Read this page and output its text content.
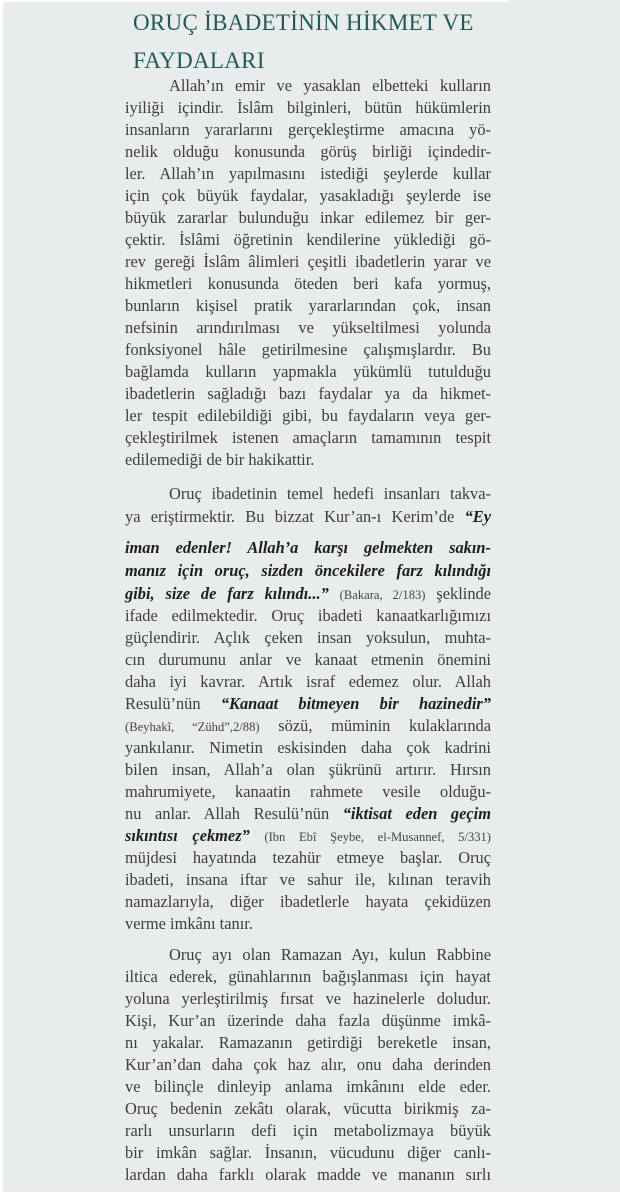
ORUÇ İBADETİNİN HİKMET VE
FAYDALARI
Allah’ın emir ve yasaklan elbetteki kulların
iyiliği içindir. İslâm bilginleri, bütün hükümlerin
insanların yararlarını gerçekleştirme amacına yö-
nelik olduğu konusunda görüş birliği içindedir-
ler. Allah’ın yapılmasını istediği şeylerde kullar
için çok büyük faydalar, yasakladığı şeylerde ise
büyük zararlar bulunduğu inkar edilemez bir ger-
çektir. İslâmi öğretinin kendilerine yüklediği gö-
rev gereği İslâm âlimleri çeşitli ibadetlerin yarar ve
hikmetleri konusunda öteden beri kafa yormuş,
bunların kişisel pratik yararlarından çok, insan
nefsinin arındırılması ve yükseltilmesi yolunda
fonksiyonel hâle getirilmesine çalışmışlardır. Bu
bağlamda kulların yapmakla yükümlü tutulduğu
ibadetlerin sağladığı bazı faydalar ya da hikmet-
ler tespit edilebildiği gibi, bu faydaların veya ger-
çekleştirilmek istenen amaçların tamamının tespit
edilemediği de bir hakikattir.
Oruç ibadetinin temel hedefi insanları takva-
ya eriştirmektir. Bu bizzat Kur’an-ı Kerim’de “Ey
iman edenler! Allah’a karşı gelmekten sakın-
manız için oruç, sizden öncekilere farz kılındığı
gibi, size de farz kılındı...” (Bakara, 2/183) şeklinde
ifade edilmektedir. Oruç ibadeti kanaatkarlığımızı
güçlendirir. Açlık çeken insan yoksulun, muhta-
cın durumunu anlar ve kanaat etmenin önemini
daha iyi kavrar. Artık israf edemez olur. Allah
Resulü’nün “Kanaat bitmeyen bir hazinedir”
(Beyhakî, “Zühd”,2/88) sözü, müminin kulaklarında
yankılanır. Nimetin eskisinden daha çok kadrini
bilen insan, Allah’a olan şükrünü artırır. Hırsın
mahrumiyete, kanaatin rahmete vesile olduğu-
nu anlar. Allah Resulü’nün “iktisat eden geçim
sıkıntısı çekmez” (Ibn Ebî Şeybe, el-Musannef, 5/331)
müjdesi hayatında tezahür etmeye başlar. Oruç
ibadeti, insana iftar ve sahur ile, kılınan teravih
namazlarıyla, diğer ibadetlerle hayata çekidüzen
verme imkânı tanır.
Oruç ayı olan Ramazan Ayı, kulun Rabbine
iltica ederek, günahlarının bağışlanması için hayat
yoluna yerleştirilmiş fırsat ve hazinelerle doludur.
Kişi, Kur’an üzerinde daha fazla düşünme imkâ-
nı yakalar. Ramazanın getirdiği bereketle insan,
Kur’an’dan daha çok haz alır, onu daha derinden
ve bilinçle dinleyip anlama imkânını elde eder.
Oruç bedenin zekâtı olarak, vücutta birikmiş za-
rarlı unsurların defi için metabolizmaya büyük
bir imkân sağlar. İnsanın, vücudunu diğer canlı-
lardan daha farklı olarak madde ve mananın sırlı
